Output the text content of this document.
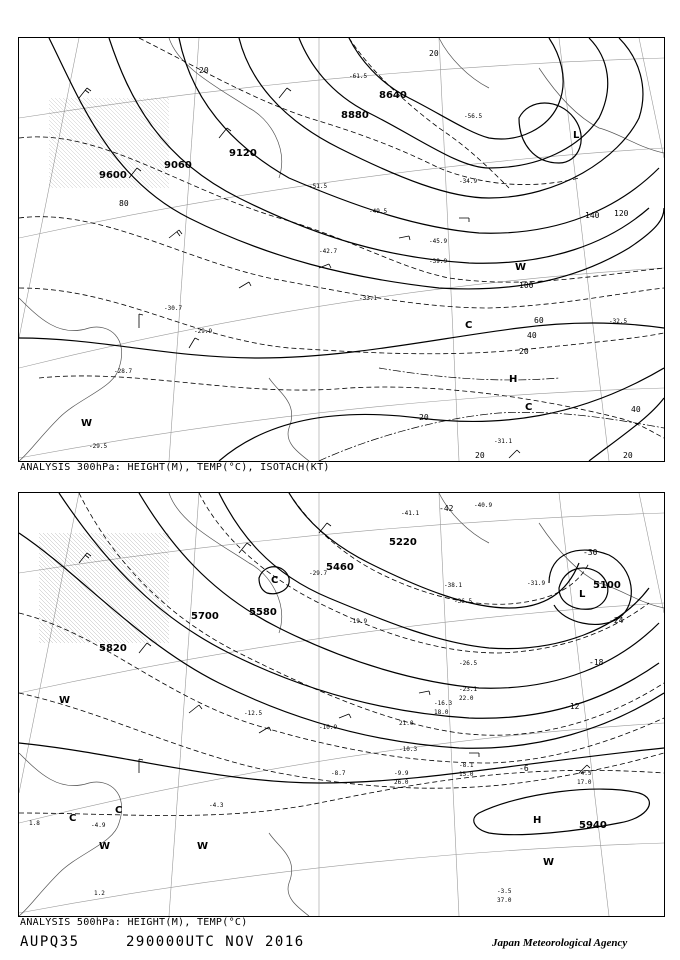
9600
9060
9120
8880
8640
140 120
100
80
60
40
20
40
20
20
20
20
20
-61.5
-56.5
-51.5
-49.5
-45.9
-42.7
-39.9
-33.1
-32.5
-30.7
-29.9
-28.7
-31.1
-29.5
-34.9
L
H
W
C
W
C
ANALYSIS 300hPa: HEIGHT(M), TEMP(°C), ISOTACH(KT)
5700
5820
5460
5220
5580
5100
5940
-42
-30
-24
-18
-12
-6
-40.9
-41.1
-38.1
-36.5
-31.9
-29.7
-26.5
-23.1
-19.9
-16.3
-12.5
-10.3
-9.9
-8.7
-8.1
-4.5
-4.9
-4.3
-3.5
-10.9
37.0
17.0
15.0
26.0
18.0
22.0
21.0
1.2
1.8
L
H
C
C
C
W
W	W
W
ANALYSIS 500hPa: HEIGHT(M), TEMP(°C)
AUPQ35	290000UTC NOV 2016	Japan Meteorological Agency
